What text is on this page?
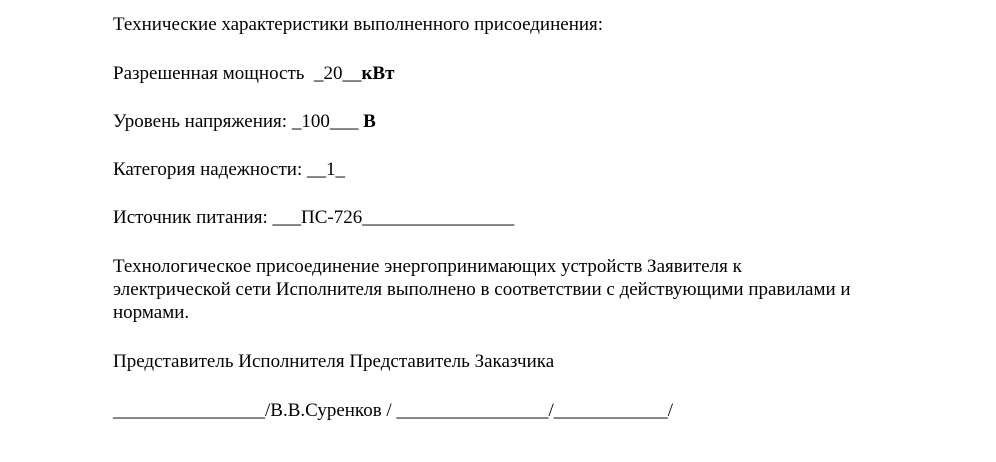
Технические характеристики выполненного присоединения:
Разрешенная мощность  _20__кВт
Уровень напряжения: _100___ В
Категория надежности: __1_
Источник питания: ___ПС-726________________
Технологическое присоединение энергопринимающих устройств Заявителя к
электрической сети Исполнителя выполнено в соответствии с действующими правилами и
нормами.
Представитель Исполнителя Представитель Заказчика
________________/В.В.Суренков / ________________/____________/
